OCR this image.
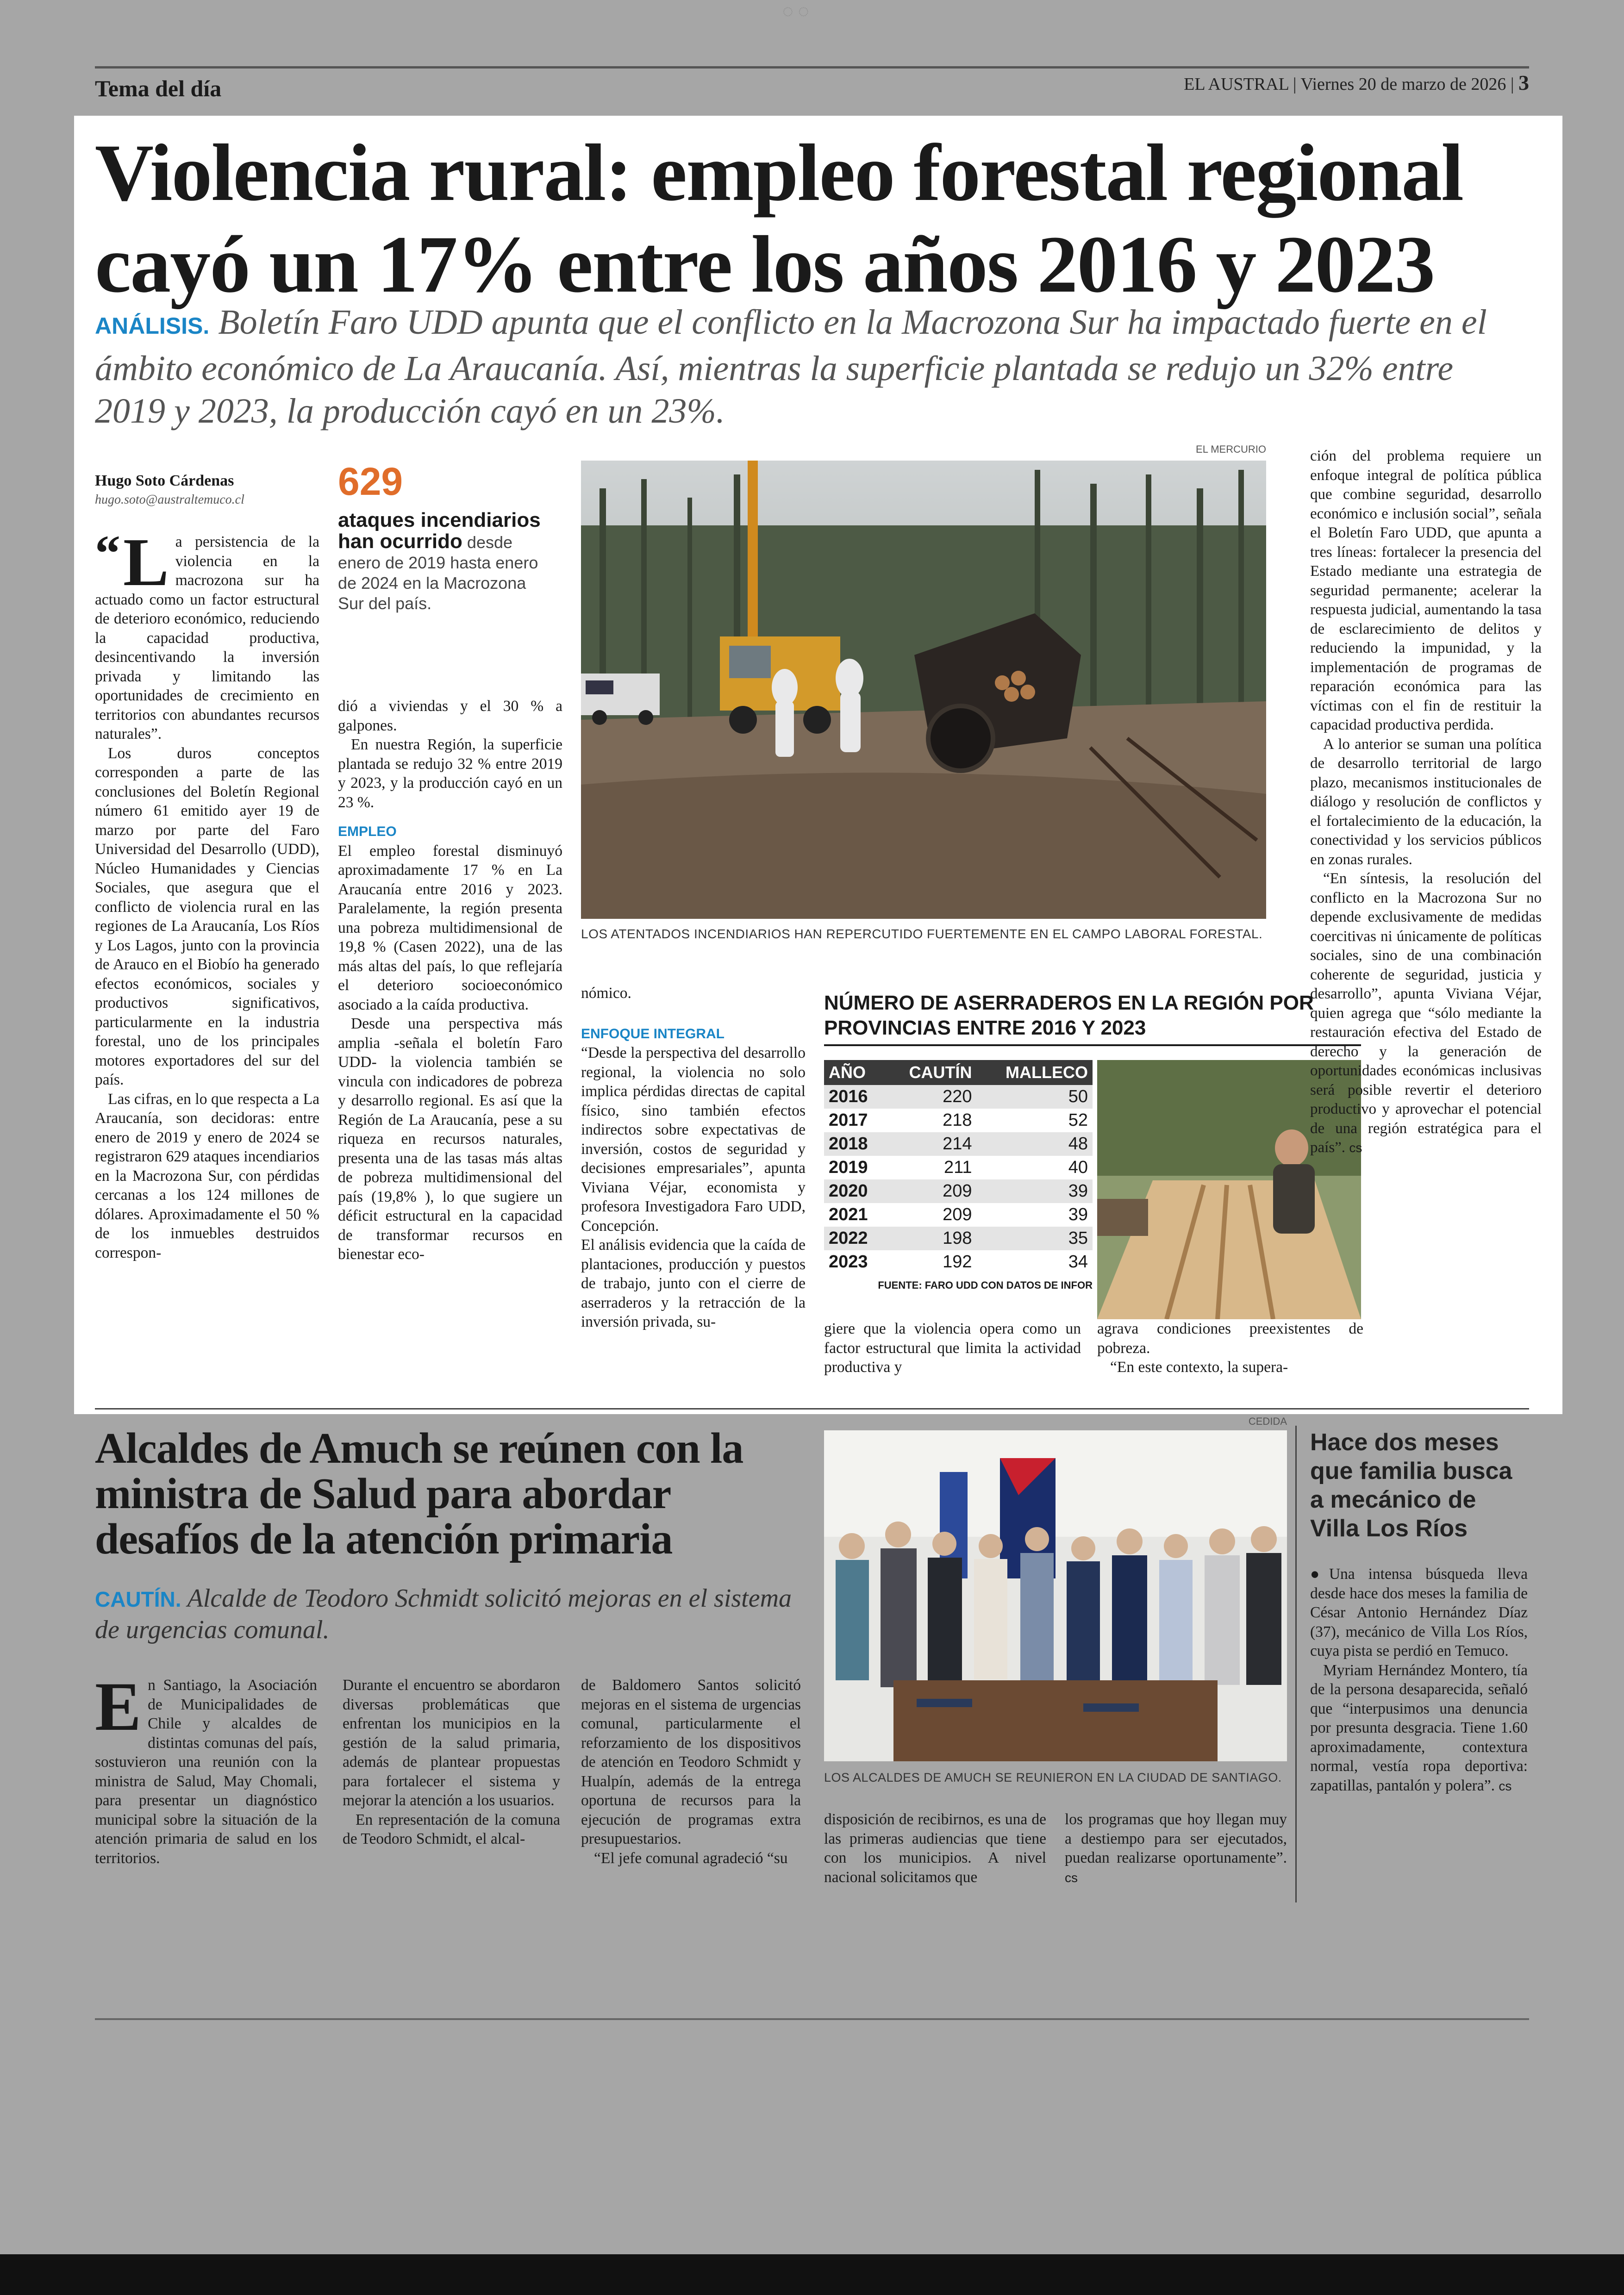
◌ ◌
Tema del día	EL AUSTRAL | Viernes 20 de marzo de 2026 | 3
Violencia rural: empleo forestal regional cayó un 17% entre los años 2016 y 2023
ANÁLISIS. Boletín Faro UDD apunta que el conflicto en la Macrozona Sur ha impactado fuerte en el ámbito económico de La Araucanía. Así, mientras la superficie plantada se redujo un 32% entre 2019 y 2023, la producción cayó en un 23%.
Hugo Soto Cárdenas
hugo.soto@australtemuco.cl

“ L a persistencia de la violencia en la macrozona sur ha actuado como un factor estructural de deterioro económico, reduciendo la capacidad productiva, desincentivando la inversión privada y limitando las oportunidades de crecimiento en territorios con abundantes recursos naturales”.

Los duros conceptos corresponden a parte de las conclusiones del Boletín Regional número 61 emitido ayer 19 de marzo por parte del Faro Universidad del Desarrollo (UDD), Núcleo Humanidades y Ciencias Sociales, que asegura que el conflicto de violencia rural en las regiones de La Araucanía, Los Ríos y Los Lagos, junto con la provincia de Arauco en el Biobío ha generado efectos económicos, sociales y productivos significativos, particularmente en la industria forestal, uno de los principales motores exportadores del sur del país.

Las cifras, en lo que respecta a La Araucanía, son decidoras: entre enero de 2019 y enero de 2024 se registraron 629 ataques incendiarios en la Macrozona Sur, con pérdidas cercanas a los 124 millones de dólares. Aproximadamente el 50 % de los inmuebles destruidos correspon-

629
ataques incendiarios han ocurrido desde enero de 2019 hasta enero de 2024 en la Macrozona Sur del país.

dió a viviendas y el 30 % a galpones.

En nuestra Región, la superficie plantada se redujo 32 % entre 2019 y 2023, y la producción cayó en un 23 %.

EMPLEO

El empleo forestal disminuyó aproximadamente 17 % en La Araucanía entre 2016 y 2023. Paralelamente, la región presenta una pobreza multidimensional de 19,8 % (Casen 2022), una de las más altas del país, lo que reflejaría el deterioro socioeconómico asociado a la caída productiva.

Desde una perspectiva más amplia -señala el boletín Faro UDD- la violencia también se vincula con indicadores de pobreza y desarrollo regional. Es así que la Región de La Araucanía, pese a su riqueza en recursos naturales, presenta una de las tasas más altas de pobreza multidimensional del país (19,8% ), lo que sugiere un déficit estructural en la capacidad de transformar recursos en bienestar eco-

EL MERCURIO
LOS ATENTADOS INCENDIARIOS HAN REPERCUTIDO FUERTEMENTE EN EL CAMPO LABORAL FORESTAL.

nómico.

ENFOQUE INTEGRAL

“Desde la perspectiva del desarrollo regional, la violencia no solo implica pérdidas directas de capital físico, sino también efectos indirectos sobre expectativas de inversión, costos de seguridad y decisiones empresariales”, apunta Viviana Véjar, economista y profesora Investigadora Faro UDD, Concepción.

El análisis evidencia que la caída de plantaciones, producción y puestos de trabajo, junto con el cierre de aserraderos y la retracción de la inversión privada, su-

NÚMERO DE ASERRADEROS EN LA REGIÓN POR PROVINCIAS ENTRE 2016 Y 2023
AÑO	CAUTÍN	MALLECO
2016	220	50
2017	218	52
2018	214	48
2019	211	40
2020	209	39
2021	209	39
2022	198	35
2023	192	34
FUENTE: FARO UDD CON DATOS DE INFOR

giere que la violencia opera como un factor estructural que limita la actividad productiva y

agrava condiciones preexistentes de pobreza.

“En este contexto, la supera-

ción del problema requiere un enfoque integral de política pública que combine seguridad, desarrollo económico e inclusión social”, señala el Boletín Faro UDD, que apunta a tres líneas: fortalecer la presencia del Estado mediante una estrategia de seguridad permanente; acelerar la respuesta judicial, aumentando la tasa de esclarecimiento de delitos y reduciendo la impunidad, y la implementación de programas de reparación económica para las víctimas con el fin de restituir la capacidad productiva perdida.

A lo anterior se suman una política de desarrollo territorial de largo plazo, mecanismos institucionales de diálogo y resolución de conflictos y el fortalecimiento de la educación, la conectividad y los servicios públicos en zonas rurales.

“En síntesis, la resolución del conflicto en la Macrozona Sur no depende exclusivamente de medidas coercitivas ni únicamente de políticas sociales, sino de una combinación coherente de seguridad, justicia y desarrollo”, apunta Viviana Véjar, quien agrega que “sólo mediante la restauración efectiva del Estado de derecho y la generación de oportunidades económicas inclusivas será posible revertir el deterioro productivo y aprovechar el potencial de una región estratégica para el país”. cs

Alcaldes de Amuch se reúnen con la ministra de Salud para abordar desafíos de la atención primaria
CAUTÍN. Alcalde de Teodoro Schmidt solicitó mejoras en el sistema de urgencias comunal.

En Santiago, la Asociación de Municipalidades de Chile y alcaldes de distintas comunas del país, sostuvieron una reunión con la ministra de Salud, May Chomali, para presentar un diagnóstico municipal sobre la situación de la atención primaria de salud en los territorios.

Durante el encuentro se abordaron diversas problemáticas que enfrentan los municipios en la gestión de la salud primaria, además de plantear propuestas para fortalecer el sistema y mejorar la atención a los usuarios.

En representación de la comuna de Teodoro Schmidt, el alcal-

de Baldomero Santos solicitó mejoras en el sistema de urgencias comunal, particularmente el reforzamiento de los dispositivos de atención en Teodoro Schmidt y Hualpín, además de la entrega oportuna de recursos para la ejecución de programas extra presupuestarios.

“El jefe comunal agradeció “su

CEDIDA
LOS ALCALDES DE AMUCH SE REUNIERON EN LA CIUDAD DE SANTIAGO.

disposición de recibirnos, es una de las primeras audiencias que tiene con los municipios. A nivel nacional solicitamos que

los programas que hoy llegan muy a destiempo para ser ejecutados, puedan realizarse oportunamente”. cs

Hace dos meses que familia busca a mecánico de Villa Los Ríos

●Una intensa búsqueda lleva desde hace dos meses la familia de César Antonio Hernández Díaz (37), mecánico de Villa Los Ríos, cuya pista se perdió en Temuco.

Myriam Hernández Montero, tía de la persona desaparecida, señaló que “interpusimos una denuncia por presunta desgracia. Tiene 1.60 aproximadamente, contextura normal, vestía ropa deportiva: zapatillas, pantalón y polera”. cs
